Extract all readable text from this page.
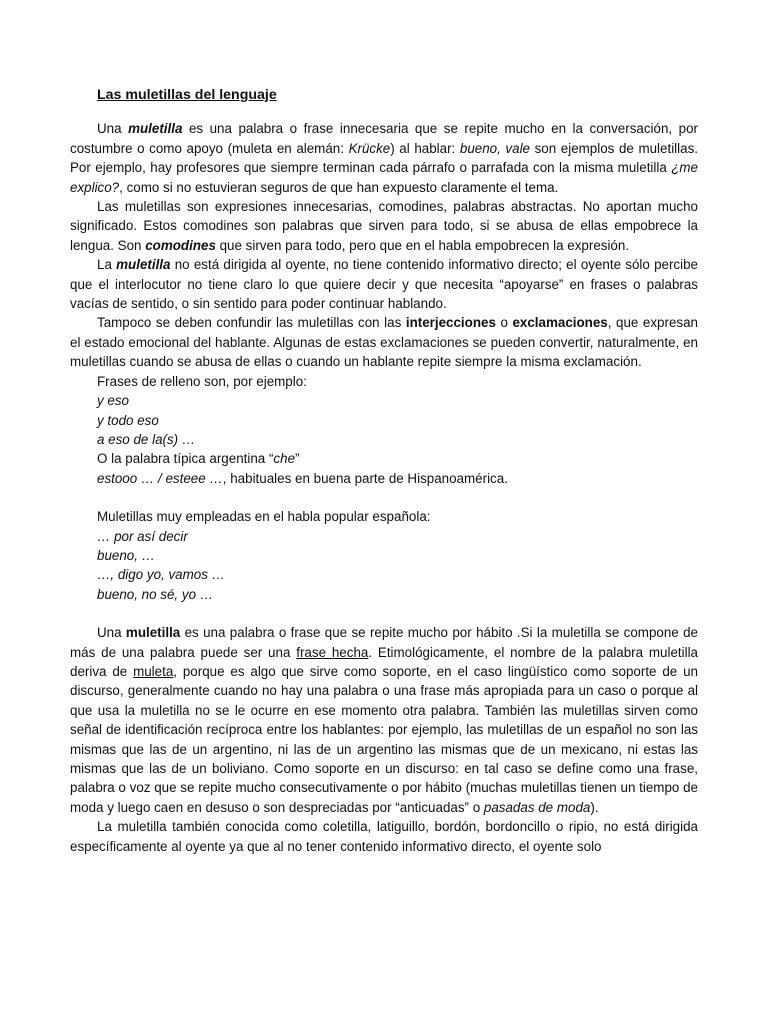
Las muletillas del lenguaje

Una muletilla es una palabra o frase innecesaria que se repite mucho en la conversación, por costumbre o como apoyo (muleta en alemán: Krücke) al hablar: bueno, vale son ejemplos de muletillas. Por ejemplo, hay profesores que siempre terminan cada párrafo o parrafada con la misma muletilla ¿me explico?, como si no estuvieran seguros de que han expuesto claramente el tema.

Las muletillas son expresiones innecesarias, comodines, palabras abstractas. No aportan mucho significado. Estos comodines son palabras que sirven para todo, si se abusa de ellas empobrece la lengua. Son comodines que sirven para todo, pero que en el habla empobrecen la expresión.

La muletilla no está dirigida al oyente, no tiene contenido informativo directo; el oyente sólo percibe que el interlocutor no tiene claro lo que quiere decir y que necesita “apoyarse” en frases o palabras vacías de sentido, o sin sentido para poder continuar hablando.

Tampoco se deben confundir las muletillas con las interjecciones o exclamaciones, que expresan el estado emocional del hablante. Algunas de estas exclamaciones se pueden convertir, naturalmente, en muletillas cuando se abusa de ellas o cuando un hablante repite siempre la misma exclamación.

Frases de relleno son, por ejemplo:
y eso
y todo eso
a eso de la(s) …
O la palabra típica argentina “che”
estooo … / esteee …, habituales en buena parte de Hispanoamérica.
Muletillas muy empleadas en el habla popular española:
… por así decir
bueno, …
…, digo yo, vamos …
bueno, no sé, yo …

Una muletilla es una palabra o frase que se repite mucho por hábito .Si la muletilla se compone de más de una palabra puede ser una frase hecha. Etimológicamente, el nombre de la palabra muletilla deriva de muleta, porque es algo que sirve como soporte, en el caso lingüístico como soporte de un discurso, generalmente cuando no hay una palabra o una frase más apropiada para un caso o porque al que usa la muletilla no se le ocurre en ese momento otra palabra. También las muletillas sirven como señal de identificación recíproca entre los hablantes: por ejemplo, las muletillas de un español no son las mismas que las de un argentino, ni las de un argentino las mismas que de un mexicano, ni estas las mismas que las de un boliviano. Como soporte en un discurso: en tal caso se define como una frase, palabra o voz que se repite mucho consecutivamente o por hábito (muchas muletillas tienen un tiempo de moda y luego caen en desuso o son despreciadas por “anticuadas” o pasadas de moda).

La muletilla también conocida como coletilla, latiguillo, bordón, bordoncillo o ripio, no está dirigida específicamente al oyente ya que al no tener contenido informativo directo, el oyente solo
